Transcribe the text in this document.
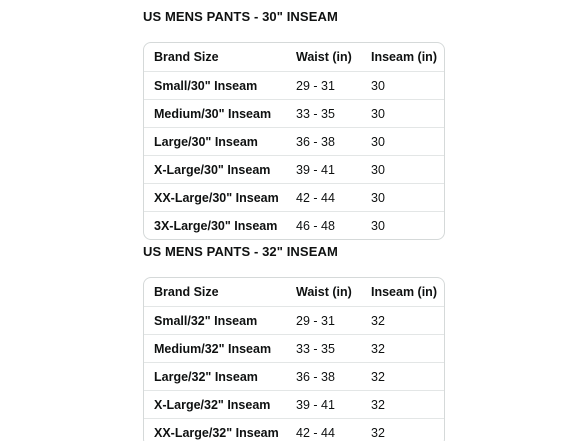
US MENS PANTS - 30" INSEAM
Brand Size	Waist (in)	Inseam (in)
Small/30" Inseam	29 - 31	30
Medium/30" Inseam	33 - 35	30
Large/30" Inseam	36 - 38	30
X-Large/30" Inseam	39 - 41	30
XX-Large/30" Inseam	42 - 44	30
3X-Large/30" Inseam	46 - 48	30
US MENS PANTS - 32" INSEAM
Brand Size	Waist (in)	Inseam (in)
Small/32" Inseam	29 - 31	32
Medium/32" Inseam	33 - 35	32
Large/32" Inseam	36 - 38	32
X-Large/32" Inseam	39 - 41	32
XX-Large/32" Inseam	42 - 44	32
